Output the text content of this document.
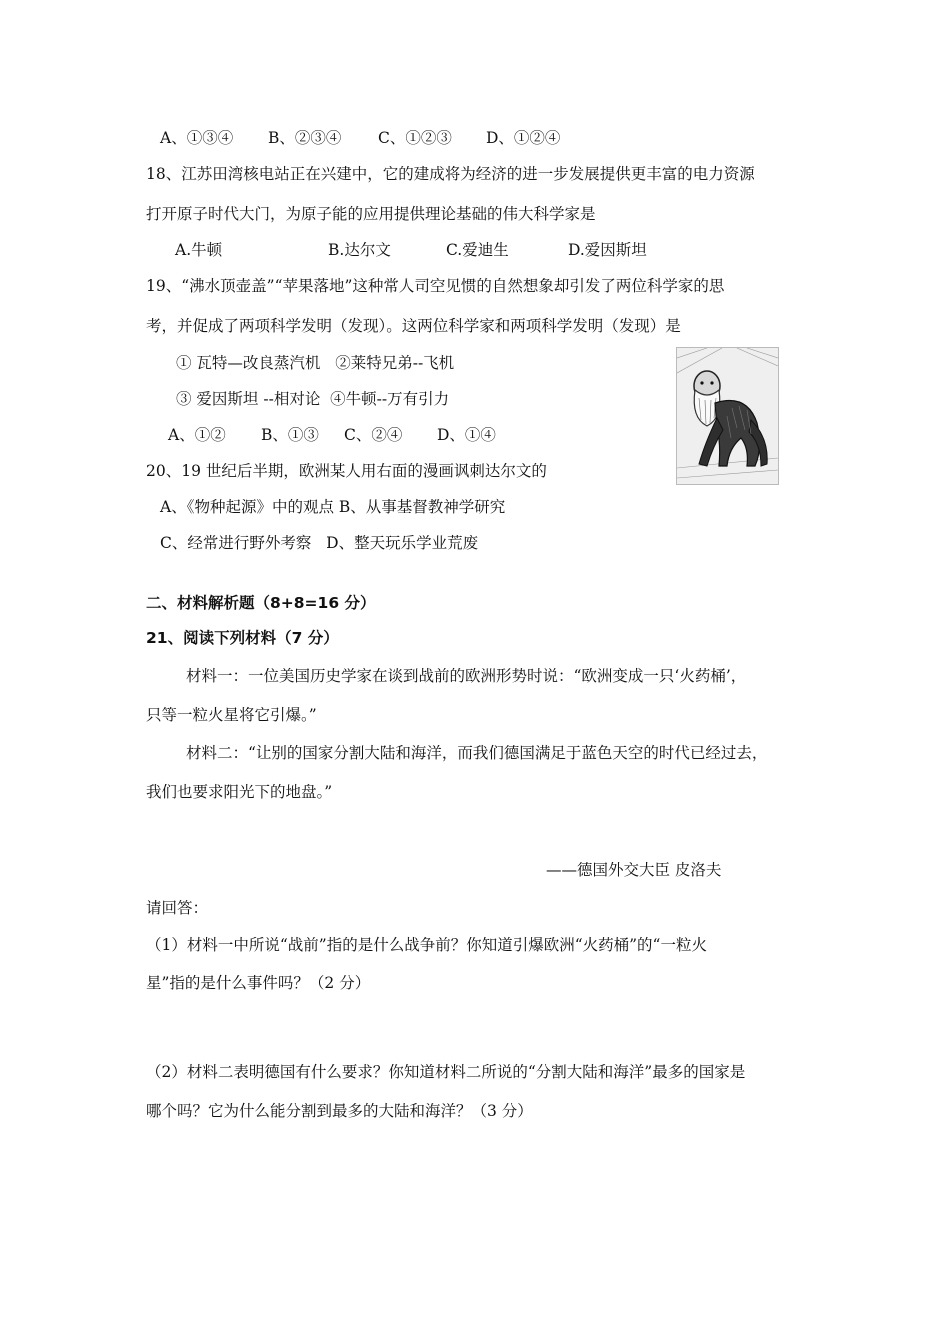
A、①③④ B、②③④ C、①②③ D、①②④
18、江苏田湾核电站正在兴建中，它的建成将为经济的进一步发展提供更丰富的电力资源
打开原子时代大门，为原子能的应用提供理论基础的伟大科学家是
A.牛顿	B.达尔文	C.爱迪生	D.爱因斯坦
19、“沸水顶壶盖”“苹果落地”这种常人司空见惯的自然想象却引发了两位科学家的思
考，并促成了两项科学发明（发现）。这两位科学家和两项科学发明（发现）是
① 瓦特—改良蒸汽机   ②莱特兄弟--飞机
③ 爱因斯坦 --相对论  ④牛顿--万有引力
A、①② B、①③ C、②④ D、①④
20、19 世纪后半期，欧洲某人用右面的漫画讽刺达尔文的
A、《物种起源》中的观点 B、从事基督教神学研究
C、经常进行野外考察   D、整天玩乐学业荒废
二、材料解析题（8+8=16 分）
21、阅读下列材料（7 分）
材料一：一位美国历史学家在谈到战前的欧洲形势时说：“欧洲变成一只‘火药桶’，
只等一粒火星将它引爆。”
材料二：“让别的国家分割大陆和海洋，而我们德国满足于蓝色天空的时代已经过去，
我们也要求阳光下的地盘。”
——德国外交大臣 皮洛夫
请回答：
（1）材料一中所说“战前”指的是什么战争前？你知道引爆欧洲“火药桶”的“一粒火
星”指的是什么事件吗？（2 分）
（2）材料二表明德国有什么要求？你知道材料二所说的“分割大陆和海洋”最多的国家是
哪个吗？它为什么能分割到最多的大陆和海洋？（3 分）
